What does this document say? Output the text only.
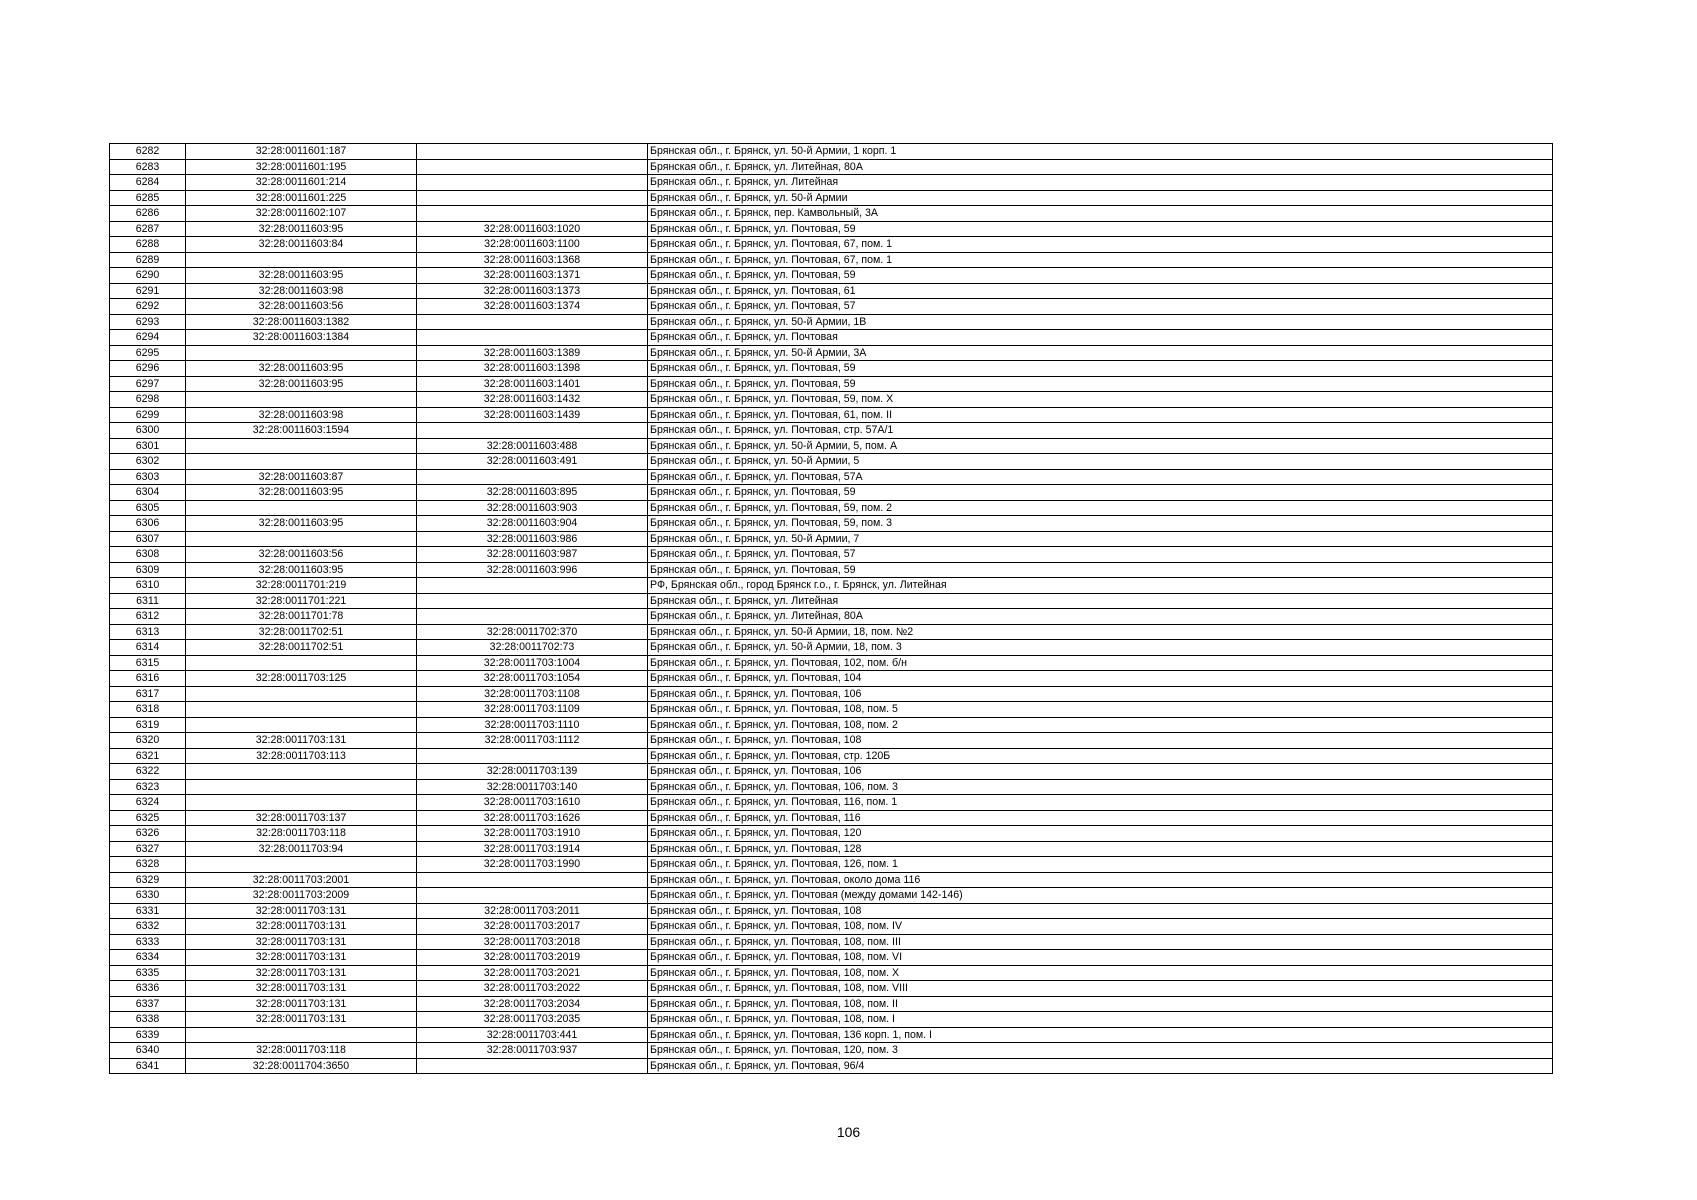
6282	32:28:0011601:187		Брянская обл., г. Брянск, ул. 50-й Армии, 1 корп. 1
6283	32:28:0011601:195		Брянская обл., г. Брянск, ул. Литейная, 80А
6284	32:28:0011601:214		Брянская обл., г. Брянск, ул. Литейная
6285	32:28:0011601:225		Брянская обл., г. Брянск, ул. 50-й Армии
6286	32:28:0011602:107		Брянская обл., г. Брянск, пер. Камвольный, 3А
6287	32:28:0011603:95	32:28:0011603:1020	Брянская обл., г. Брянск, ул. Почтовая, 59
6288	32:28:0011603:84	32:28:0011603:1100	Брянская обл., г. Брянск, ул. Почтовая, 67, пом. 1
6289		32:28:0011603:1368	Брянская обл., г. Брянск, ул. Почтовая, 67, пом. 1
6290	32:28:0011603:95	32:28:0011603:1371	Брянская обл., г. Брянск, ул. Почтовая, 59
6291	32:28:0011603:98	32:28:0011603:1373	Брянская обл., г. Брянск, ул. Почтовая, 61
6292	32:28:0011603:56	32:28:0011603:1374	Брянская обл., г. Брянск, ул. Почтовая, 57
6293	32:28:0011603:1382		Брянская обл., г. Брянск, ул. 50-й Армии, 1В
6294	32:28:0011603:1384		Брянская обл., г. Брянск, ул. Почтовая
6295		32:28:0011603:1389	Брянская обл., г. Брянск, ул. 50-й Армии, 3А
6296	32:28:0011603:95	32:28:0011603:1398	Брянская обл., г. Брянск, ул. Почтовая, 59
6297	32:28:0011603:95	32:28:0011603:1401	Брянская обл., г. Брянск, ул. Почтовая, 59
6298		32:28:0011603:1432	Брянская обл., г. Брянск, ул. Почтовая, 59, пом. X
6299	32:28:0011603:98	32:28:0011603:1439	Брянская обл., г. Брянск, ул. Почтовая, 61, пом. II
6300	32:28:0011603:1594		Брянская обл., г. Брянск, ул. Почтовая, стр. 57А/1
6301		32:28:0011603:488	Брянская обл., г. Брянск, ул. 50-й Армии, 5, пом. А
6302		32:28:0011603:491	Брянская обл., г. Брянск, ул. 50-й Армии, 5
6303	32:28:0011603:87		Брянская обл., г. Брянск, ул. Почтовая, 57А
6304	32:28:0011603:95	32:28:0011603:895	Брянская обл., г. Брянск, ул. Почтовая, 59
6305		32:28:0011603:903	Брянская обл., г. Брянск, ул. Почтовая, 59, пом. 2
6306	32:28:0011603:95	32:28:0011603:904	Брянская обл., г. Брянск, ул. Почтовая, 59, пом. 3
6307		32:28:0011603:986	Брянская обл., г. Брянск, ул. 50-й Армии, 7
6308	32:28:0011603:56	32:28:0011603:987	Брянская обл., г. Брянск, ул. Почтовая, 57
6309	32:28:0011603:95	32:28:0011603:996	Брянская обл., г. Брянск, ул. Почтовая, 59
6310	32:28:0011701:219		РФ, Брянская обл., город Брянск г.о., г. Брянск, ул. Литейная
6311	32:28:0011701:221		Брянская обл., г. Брянск, ул. Литейная
6312	32:28:0011701:78		Брянская обл., г. Брянск, ул. Литейная, 80А
6313	32:28:0011702:51	32:28:0011702:370	Брянская обл., г. Брянск, ул. 50-й Армии, 18, пом. №2
6314	32:28:0011702:51	32:28:0011702:73	Брянская обл., г. Брянск, ул. 50-й Армии, 18, пом. 3
6315		32:28:0011703:1004	Брянская обл., г. Брянск, ул. Почтовая, 102, пом. б/н
6316	32:28:0011703:125	32:28:0011703:1054	Брянская обл., г. Брянск, ул. Почтовая, 104
6317		32:28:0011703:1108	Брянская обл., г. Брянск, ул. Почтовая, 106
6318		32:28:0011703:1109	Брянская обл., г. Брянск, ул. Почтовая, 108, пом. 5
6319		32:28:0011703:1110	Брянская обл., г. Брянск, ул. Почтовая, 108, пом. 2
6320	32:28:0011703:131	32:28:0011703:1112	Брянская обл., г. Брянск, ул. Почтовая, 108
6321	32:28:0011703:113		Брянская обл., г. Брянск, ул. Почтовая, стр. 120Б
6322		32:28:0011703:139	Брянская обл., г. Брянск, ул. Почтовая, 106
6323		32:28:0011703:140	Брянская обл., г. Брянск, ул. Почтовая, 106, пом. 3
6324		32:28:0011703:1610	Брянская обл., г. Брянск, ул. Почтовая, 116, пом. 1
6325	32:28:0011703:137	32:28:0011703:1626	Брянская обл., г. Брянск, ул. Почтовая, 116
6326	32:28:0011703:118	32:28:0011703:1910	Брянская обл., г. Брянск, ул. Почтовая, 120
6327	32:28:0011703:94	32:28:0011703:1914	Брянская обл., г. Брянск, ул. Почтовая, 128
6328		32:28:0011703:1990	Брянская обл., г. Брянск, ул. Почтовая, 126, пом. 1
6329	32:28:0011703:2001		Брянская обл., г. Брянск, ул. Почтовая, около дома 116
6330	32:28:0011703:2009		Брянская обл., г. Брянск, ул. Почтовая (между домами 142-146)
6331	32:28:0011703:131	32:28:0011703:2011	Брянская обл., г. Брянск, ул. Почтовая, 108
6332	32:28:0011703:131	32:28:0011703:2017	Брянская обл., г. Брянск, ул. Почтовая, 108, пом. IV
6333	32:28:0011703:131	32:28:0011703:2018	Брянская обл., г. Брянск, ул. Почтовая, 108, пом. III
6334	32:28:0011703:131	32:28:0011703:2019	Брянская обл., г. Брянск, ул. Почтовая, 108, пом. VI
6335	32:28:0011703:131	32:28:0011703:2021	Брянская обл., г. Брянск, ул. Почтовая, 108, пом. X
6336	32:28:0011703:131	32:28:0011703:2022	Брянская обл., г. Брянск, ул. Почтовая, 108, пом. VIII
6337	32:28:0011703:131	32:28:0011703:2034	Брянская обл., г. Брянск, ул. Почтовая, 108, пом. II
6338	32:28:0011703:131	32:28:0011703:2035	Брянская обл., г. Брянск, ул. Почтовая, 108, пом. I
6339		32:28:0011703:441	Брянская обл., г. Брянск, ул. Почтовая, 136 корп. 1, пом. I
6340	32:28:0011703:118	32:28:0011703:937	Брянская обл., г. Брянск, ул. Почтовая, 120, пом. 3
6341	32:28:0011704:3650		Брянская обл., г. Брянск, ул. Почтовая, 96/4
106
